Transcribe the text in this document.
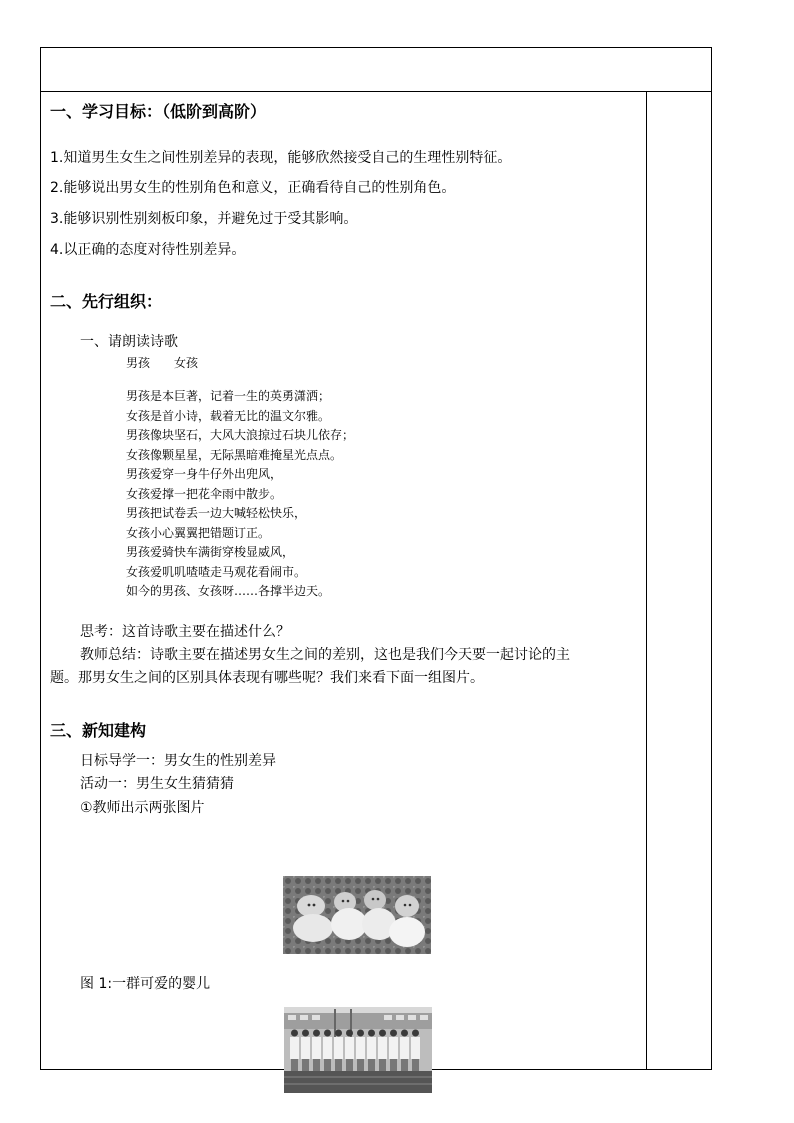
一、学习目标：（低阶到高阶）
1.知道男生女生之间性别差异的表现，能够欣然接受自己的生理性别特征。
2.能够说出男女生的性别角色和意义，正确看待自己的性别角色。
3.能够识别性别刻板印象，并避免过于受其影响。
4.以正确的态度对待性别差异。
二、先行组织：
一、请朗读诗歌
男孩　　女孩
男孩是本巨著，记着一生的英勇潇洒；
女孩是首小诗，载着无比的温文尔雅。
男孩像块坚石，大风大浪掠过石块儿依存；
女孩像颗星星，无际黑暗难掩星光点点。
男孩爱穿一身牛仔外出兜风，
女孩爱撑一把花伞雨中散步。
男孩把试卷丢一边大喊轻松快乐，
女孩小心翼翼把错题订正。
男孩爱骑快车满街穿梭显威风，
女孩爱叽叽喳喳走马观花看闹市。
如今的男孩、女孩呀……各撑半边天。
思考：这首诗歌主要在描述什么？
教师总结：诗歌主要在描述男女生之间的差别，这也是我们今天要一起讨论的主
题。那男女生之间的区别具体表现有哪些呢？我们来看下面一组图片。
三、新知建构
日标导学一：男女生的性别差异
活动一：男生女生猜猜猜
①教师出示两张图片
图 1:一群可爱的婴儿
